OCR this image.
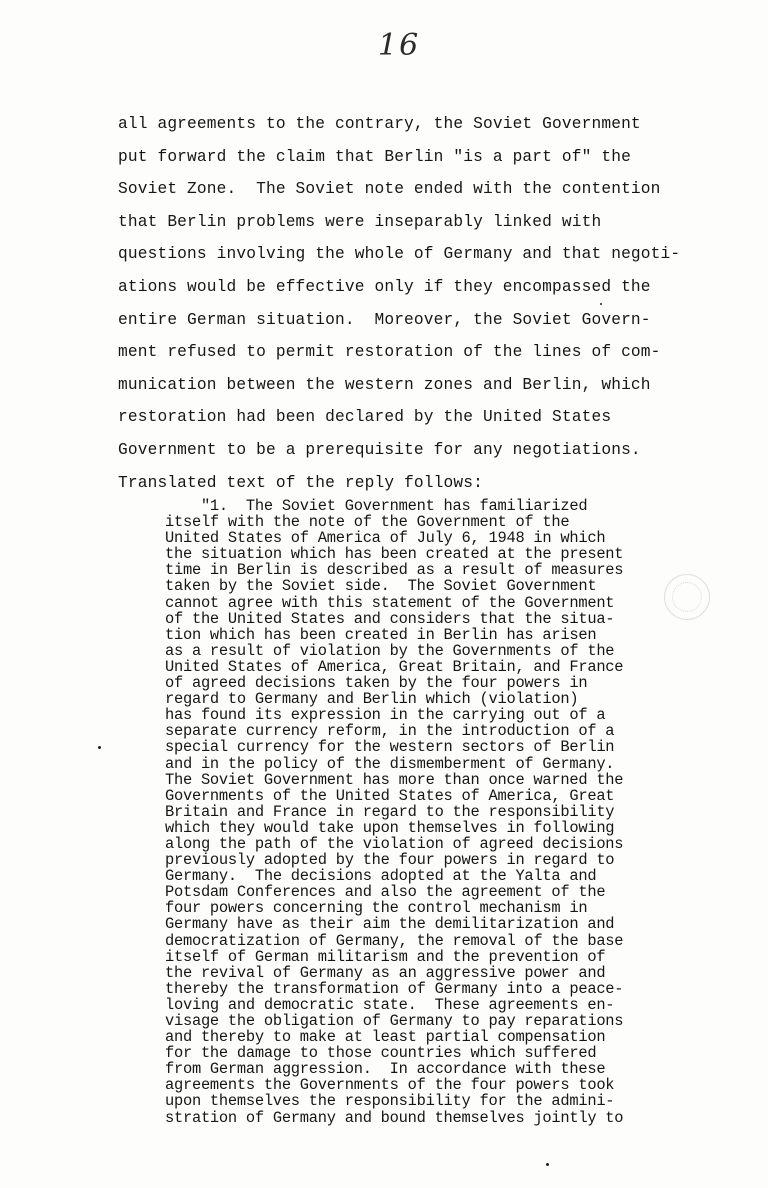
16
all agreements to the contrary, the Soviet Government
put forward the claim that Berlin "is a part of" the
Soviet Zone.  The Soviet note ended with the contention
that Berlin problems were inseparably linked with
questions involving the whole of Germany and that negoti-
ations would be effective only if they encompassed the
entire German situation.  Moreover, the Soviet Govern-
ment refused to permit restoration of the lines of com-
munication between the western zones and Berlin, which
restoration had been declared by the United States
Government to be a prerequisite for any negotiations.
Translated text of the reply follows:
"1.  The Soviet Government has familiarized
itself with the note of the Government of the
United States of America of July 6, 1948 in which
the situation which has been created at the present
time in Berlin is described as a result of measures
taken by the Soviet side.  The Soviet Government
cannot agree with this statement of the Government
of the United States and considers that the situa-
tion which has been created in Berlin has arisen
as a result of violation by the Governments of the
United States of America, Great Britain, and France
of agreed decisions taken by the four powers in
regard to Germany and Berlin which (violation)
has found its expression in the carrying out of a
separate currency reform, in the introduction of a
special currency for the western sectors of Berlin
and in the policy of the dismemberment of Germany.
The Soviet Government has more than once warned the
Governments of the United States of America, Great
Britain and France in regard to the responsibility
which they would take upon themselves in following
along the path of the violation of agreed decisions
previously adopted by the four powers in regard to
Germany.  The decisions adopted at the Yalta and
Potsdam Conferences and also the agreement of the
four powers concerning the control mechanism in
Germany have as their aim the demilitarization and
democratization of Germany, the removal of the base
itself of German militarism and the prevention of
the revival of Germany as an aggressive power and
thereby the transformation of Germany into a peace-
loving and democratic state.  These agreements en-
visage the obligation of Germany to pay reparations
and thereby to make at least partial compensation
for the damage to those countries which suffered
from German aggression.  In accordance with these
agreements the Governments of the four powers took
upon themselves the responsibility for the admini-
stration of Germany and bound themselves jointly to
